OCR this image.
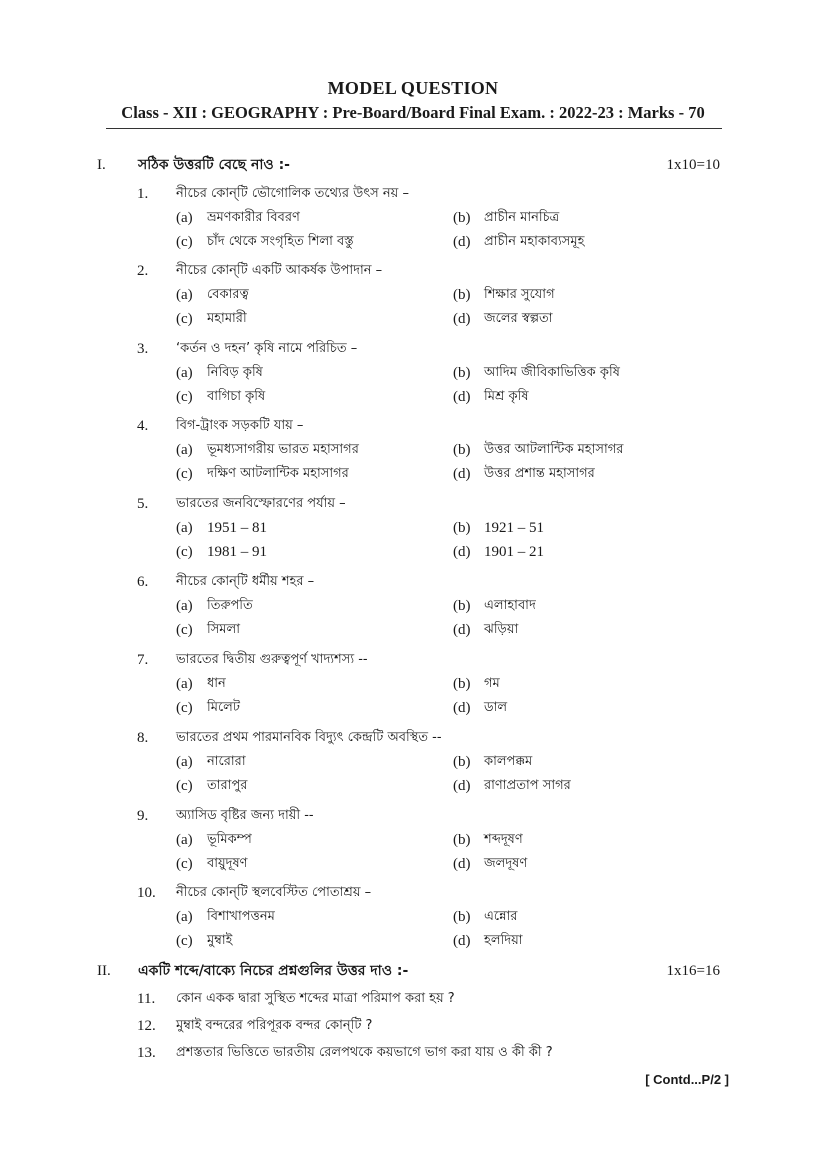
MODEL QUESTION
Class - XII : GEOGRAPHY : Pre-Board/Board Final Exam. : 2022-23 : Marks - 70
I. সঠিক উত্তরটি বেছে নাও :-	1x10=10
1.	নীচের কোন্‌টি ভৌগোলিক তথ্যের উৎস নয় –
(a) ভ্রমণকারীর বিবরণ	(b) প্রাচীন মানচিত্র
(c) চাঁদ থেকে সংগৃহিত শিলা বস্তু	(d) প্রাচীন মহাকাব্যসমূহ
2.	নীচের কোন্‌টি একটি আকর্ষক উপাদান –
(a) বেকারত্ব	(b) শিক্ষার সুযোগ
(c) মহামারী	(d) জলের স্বল্পতা
3.	‘কর্তন ও দহন’ কৃষি নামে পরিচিত –
(a) নিবিড় কৃষি	(b) আদিম জীবিকাভিত্তিক কৃষি
(c) বাগিচা কৃষি	(d) মিশ্র কৃষি
4.	বিগ-ট্রাংক সড়কটি যায় –
(a) ভূমধ্যসাগরীয় ভারত মহাসাগর	(b) উত্তর আটলান্টিক মহাসাগর
(c) দক্ষিণ আটলান্টিক মহাসাগর	(d) উত্তর প্রশান্ত মহাসাগর
5.	ভারতের জনবিস্ফোরণের পর্যায় –
(a) 1951 – 81	(b) 1921 – 51
(c) 1981 – 91	(d) 1901 – 21
6.	নীচের কোন্‌টি ধর্মীয় শহর –
(a) তিরুপতি	(b) এলাহাবাদ
(c) সিমলা	(d) ঝড়িয়া
7.	ভারতের দ্বিতীয় গুরুত্বপূর্ণ খাদ্যশস্য --
(a) ধান	(b) গম
(c) মিলেট	(d) ডাল
8.	ভারতের প্রথম পারমানবিক বিদ্যুৎ কেন্দ্রটি অবস্থিত --
(a) নারোরা	(b) কালপক্কম
(c) তারাপুর	(d) রাণাপ্রতাপ সাগর
9.	অ্যাসিড বৃষ্টির জন্য দায়ী --
(a) ভূমিকম্প	(b) শব্দদূষণ
(c) বায়ুদূষণ	(d) জলদূষণ
10.	নীচের কোন্‌টি স্থলবেস্টিত পোতাশ্রয় –
(a) বিশাখাপত্তনম	(b) এন্নোর
(c) মুম্বাই	(d) হলদিয়া
II. একটি শব্দে/বাক্যে নিচের প্রশ্নগুলির উত্তর দাও :-	1x16=16
11.	কোন একক দ্বারা সুস্থিত শব্দের মাত্রা পরিমাপ করা হয় ?
12.	মুম্বাই বন্দরের পরিপূরক বন্দর কোন্‌টি ?
13.	প্রশস্ততার ভিত্তিতে ভারতীয় রেলপথকে কয়ভাগে ভাগ করা যায় ও কী কী ?
[ Contd...P/2 ]
